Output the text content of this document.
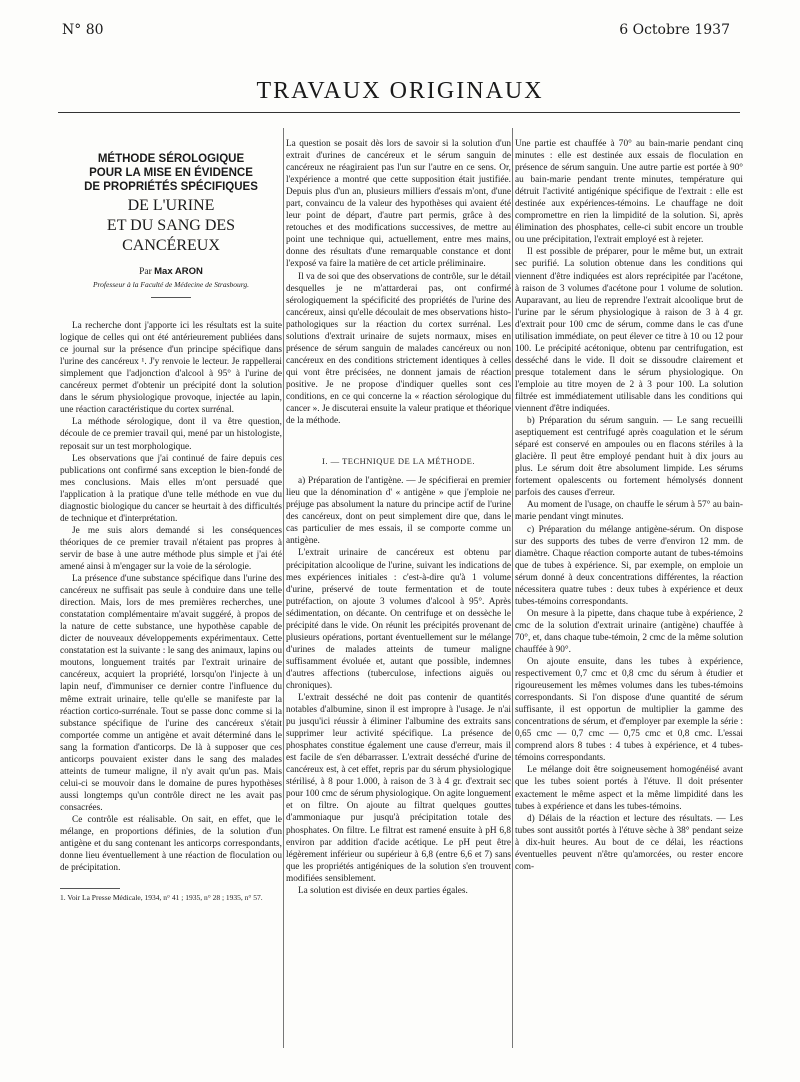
N° 80	6 Octobre 1937
TRAVAUX ORIGINAUX
MÉTHODE SÉROLOGIQUE
POUR LA MISE EN ÉVIDENCE
DE PROPRIÉTÉS SPÉCIFIQUES
DE L'URINE
ET DU SANG DES CANCÉREUX
Par Max ARON
Professeur à la Faculté de Médecine de Strasbourg.

La recherche dont j'apporte ici les résultats est la suite logique de celles qui ont été antérieurement publiées dans ce journal sur la présence d'un principe spécifique dans l'urine des cancéreux ¹. J'y renvoie le lecteur. Je rappellerai simplement que l'adjonction d'alcool à 95° à l'urine de cancéreux permet d'obtenir un précipité dont la solution dans le sérum physiologique provoque, injectée au lapin, une réaction caractéristique du cortex surrénal.

La méthode sérologique, dont il va être question, découle de ce premier travail qui, mené par un histologiste, reposait sur un test morphologique.

Les observations que j'ai continué de faire depuis ces publications ont confirmé sans exception le bien-fondé de mes conclusions. Mais elles m'ont persuadé que l'application à la pratique d'une telle méthode en vue du diagnostic biologique du cancer se heurtait à des difficultés de technique et d'interprétation.

Je me suis alors demandé si les conséquences théoriques de ce premier travail n'étaient pas propres à servir de base à une autre méthode plus simple et j'ai été amené ainsi à m'engager sur la voie de la sérologie.

La présence d'une substance spécifique dans l'urine des cancéreux ne suffisait pas seule à conduire dans une telle direction. Mais, lors de mes premières recherches, une constatation complémentaire m'avait suggéré, à propos de la nature de cette substance, une hypothèse capable de dicter de nouveaux développements expérimentaux. Cette constatation est la suivante : le sang des animaux, lapins ou moutons, longuement traités par l'extrait urinaire de cancéreux, acquiert la propriété, lorsqu'on l'injecte à un lapin neuf, d'immuniser ce dernier contre l'influence du même extrait urinaire, telle qu'elle se manifeste par la réaction cortico-surrénale. Tout se passe donc comme si la substance spécifique de l'urine des cancéreux s'était comportée comme un antigène et avait déterminé dans le sang la formation d'anticorps. De là à supposer que ces anticorps pouvaient exister dans le sang des malades atteints de tumeur maligne, il n'y avait qu'un pas. Mais celui-ci se mouvoir dans le domaine de pures hypothèses aussi longtemps qu'un contrôle direct ne les avait pas consacrées.

Ce contrôle est réalisable. On sait, en effet, que le mélange, en proportions définies, de la solution d'un antigène et du sang contenant les anticorps correspondants, donne lieu éventuellement à une réaction de floculation ou de précipitation.

1. Voir La Presse Médicale, 1934, n° 41 ; 1935, n° 28 ; 1935, n° 57.

La question se posait dès lors de savoir si la solution d'un extrait d'urines de cancéreux et le sérum sanguin de cancéreux ne réagiraient pas l'un sur l'autre en ce sens. Or, l'expérience a montré que cette supposition était justifiée. Depuis plus d'un an, plusieurs milliers d'essais m'ont, d'une part, convaincu de la valeur des hypothèses qui avaient été leur point de départ, d'autre part permis, grâce à des retouches et des modifications successives, de mettre au point une technique qui, actuellement, entre mes mains, donne des résultats d'une remarquable constance et dont l'exposé va faire la matière de cet article préliminaire.

Il va de soi que des observations de contrôle, sur le détail desquelles je ne m'attarderai pas, ont confirmé sérologiquement la spécificité des propriétés de l'urine des cancéreux, ainsi qu'elle découlait de mes observations histo-pathologiques sur la réaction du cortex surrénal. Les solutions d'extrait urinaire de sujets normaux, mises en présence de sérum sanguin de malades cancéreux ou non cancéreux en des conditions strictement identiques à celles qui vont être précisées, ne donnent jamais de réaction positive. Je ne propose d'indiquer quelles sont ces conditions, en ce qui concerne la « réaction sérologique du cancer ». Je discuterai ensuite la valeur pratique et théorique de la méthode.

I. — TECHNIQUE DE LA MÉTHODE.

a) Préparation de l'antigène. — Je spécifierai en premier lieu que la dénomination d' « antigène » que j'emploie ne préjuge pas absolument la nature du principe actif de l'urine des cancéreux, dont on peut simplement dire que, dans le cas particulier de mes essais, il se comporte comme un antigène.

L'extrait urinaire de cancéreux est obtenu par précipitation alcoolique de l'urine, suivant les indications de mes expériences initiales : c'est-à-dire qu'à 1 volume d'urine, préservé de toute fermentation et de toute putréfaction, on ajoute 3 volumes d'alcool à 95°. Après sédimentation, on décante. On centrifuge et on dessèche le précipité dans le vide. On réunit les précipités provenant de plusieurs opérations, portant éventuellement sur le mélange d'urines de malades atteints de tumeur maligne suffisamment évoluée et, autant que possible, indemnes d'autres affections (tuberculose, infections aiguës ou chroniques).

L'extrait desséché ne doit pas contenir de quantités notables d'albumine, sinon il est impropre à l'usage. Je n'ai pu jusqu'ici réussir à éliminer l'albumine des extraits sans supprimer leur activité spécifique. La présence de phosphates constitue également une cause d'erreur, mais il est facile de s'en débarrasser. L'extrait desséché d'urine de cancéreux est, à cet effet, repris par du sérum physiologique stérilisé, à 8 pour 1.000, à raison de 3 à 4 gr. d'extrait sec pour 100 cmc de sérum physiologique. On agite longuement et on filtre. On ajoute au filtrat quelques gouttes d'ammoniaque pur jusqu'à précipitation totale des phosphates. On filtre. Le filtrat est ramené ensuite à pH 6,8 environ par addition d'acide acétique. Le pH peut être légèrement inférieur ou supérieur à 6,8 (entre 6,6 et 7) sans que les propriétés antigéniques de la solution s'en trouvent modifiées sensiblement.

La solution est divisée en deux parties égales.

Une partie est chauffée à 70° au bain-marie pendant cinq minutes : elle est destinée aux essais de floculation en présence de sérum sanguin. Une autre partie est portée à 90° au bain-marie pendant trente minutes, température qui détruit l'activité antigénique spécifique de l'extrait : elle est destinée aux expériences-témoins. Le chauffage ne doit compromettre en rien la limpidité de la solution. Si, après élimination des phosphates, celle-ci subit encore un trouble ou une précipitation, l'extrait employé est à rejeter.

Il est possible de préparer, pour le même but, un extrait sec purifié. La solution obtenue dans les conditions qui viennent d'être indiquées est alors reprécipitée par l'acétone, à raison de 3 volumes d'acétone pour 1 volume de solution. Auparavant, au lieu de reprendre l'extrait alcoolique brut de l'urine par le sérum physiologique à raison de 3 à 4 gr. d'extrait pour 100 cmc de sérum, comme dans le cas d'une utilisation immédiate, on peut élever ce titre à 10 ou 12 pour 100. Le précipité acétonique, obtenu par centrifugation, est desséché dans le vide. Il doit se dissoudre clairement et presque totalement dans le sérum physiologique. On l'emploie au titre moyen de 2 à 3 pour 100. La solution filtrée est immédiatement utilisable dans les conditions qui viennent d'être indiquées.

b) Préparation du sérum sanguin. — Le sang recueilli aseptiquement est centrifugé après coagulation et le sérum séparé est conservé en ampoules ou en flacons stériles à la glacière. Il peut être employé pendant huit à dix jours au plus. Le sérum doit être absolument limpide. Les sérums fortement opalescents ou fortement hémolysés donnent parfois des causes d'erreur.

Au moment de l'usage, on chauffe le sérum à 57° au bain-marie pendant vingt minutes.

c) Préparation du mélange antigène-sérum. On dispose sur des supports des tubes de verre d'environ 12 mm. de diamètre. Chaque réaction comporte autant de tubes-témoins que de tubes à expérience. Si, par exemple, on emploie un sérum donné à deux concentrations différentes, la réaction nécessitera quatre tubes : deux tubes à expérience et deux tubes-témoins correspondants.

On mesure à la pipette, dans chaque tube à expérience, 2 cmc de la solution d'extrait urinaire (antigène) chauffée à 70°, et, dans chaque tube-témoin, 2 cmc de la même solution chauffée à 90°.

On ajoute ensuite, dans les tubes à expérience, respectivement 0,7 cmc et 0,8 cmc du sérum à étudier et rigoureusement les mêmes volumes dans les tubes-témoins correspondants. Si l'on dispose d'une quantité de sérum suffisante, il est opportun de multiplier la gamme des concentrations de sérum, et d'employer par exemple la série : 0,65 cmc — 0,7 cmc — 0,75 cmc et 0,8 cmc. L'essai comprend alors 8 tubes : 4 tubes à expérience, et 4 tubes-témoins correspondants.

Le mélange doit être soigneusement homogénéisé avant que les tubes soient portés à l'étuve. Il doit présenter exactement le même aspect et la même limpidité dans les tubes à expérience et dans les tubes-témoins.

d) Délais de la réaction et lecture des résultats. — Les tubes sont aussitôt portés à l'étuve sèche à 38° pendant seize à dix-huit heures. Au bout de ce délai, les réactions éventuelles peuvent n'être qu'amorcées, ou rester encore com-
